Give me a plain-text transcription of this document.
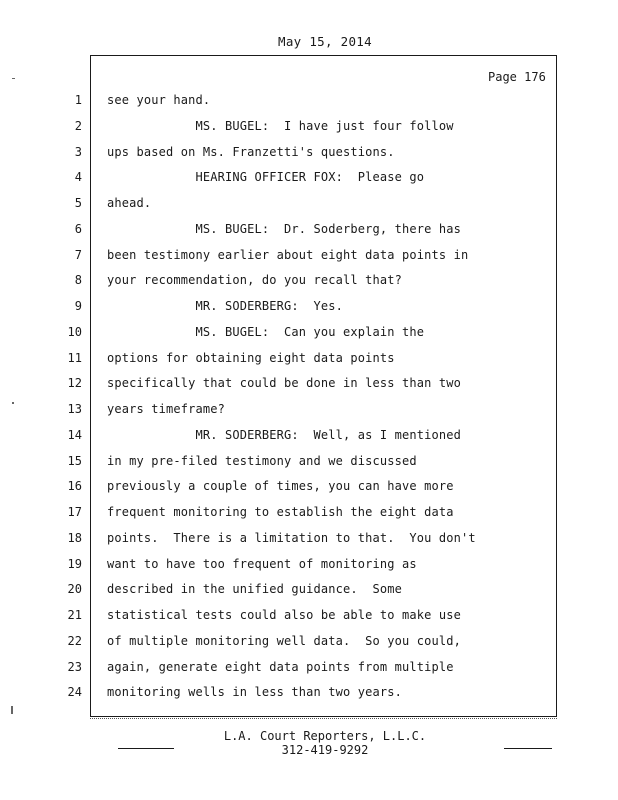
May 15, 2014
Page 176
1 see your hand.
2 MS. BUGEL:  I have just four follow
3 ups based on Ms. Franzetti's questions.
4 HEARING OFFICER FOX:  Please go
5 ahead.
6 MS. BUGEL:  Dr. Soderberg, there has
7 been testimony earlier about eight data points in
8 your recommendation, do you recall that?
9 MR. SODERBERG:  Yes.
10 MS. BUGEL:  Can you explain the
11 options for obtaining eight data points
12 specifically that could be done in less than two
13 years timeframe?
14 MR. SODERBERG:  Well, as I mentioned
15 in my pre-filed testimony and we discussed
16 previously a couple of times, you can have more
17 frequent monitoring to establish the eight data
18 points.  There is a limitation to that.  You don't
19 want to have too frequent of monitoring as
20 described in the unified guidance.  Some
21 statistical tests could also be able to make use
22 of multiple monitoring well data.  So you could,
23 again, generate eight data points from multiple
24 monitoring wells in less than two years.
L.A. Court Reporters, L.L.C.
312-419-9292
